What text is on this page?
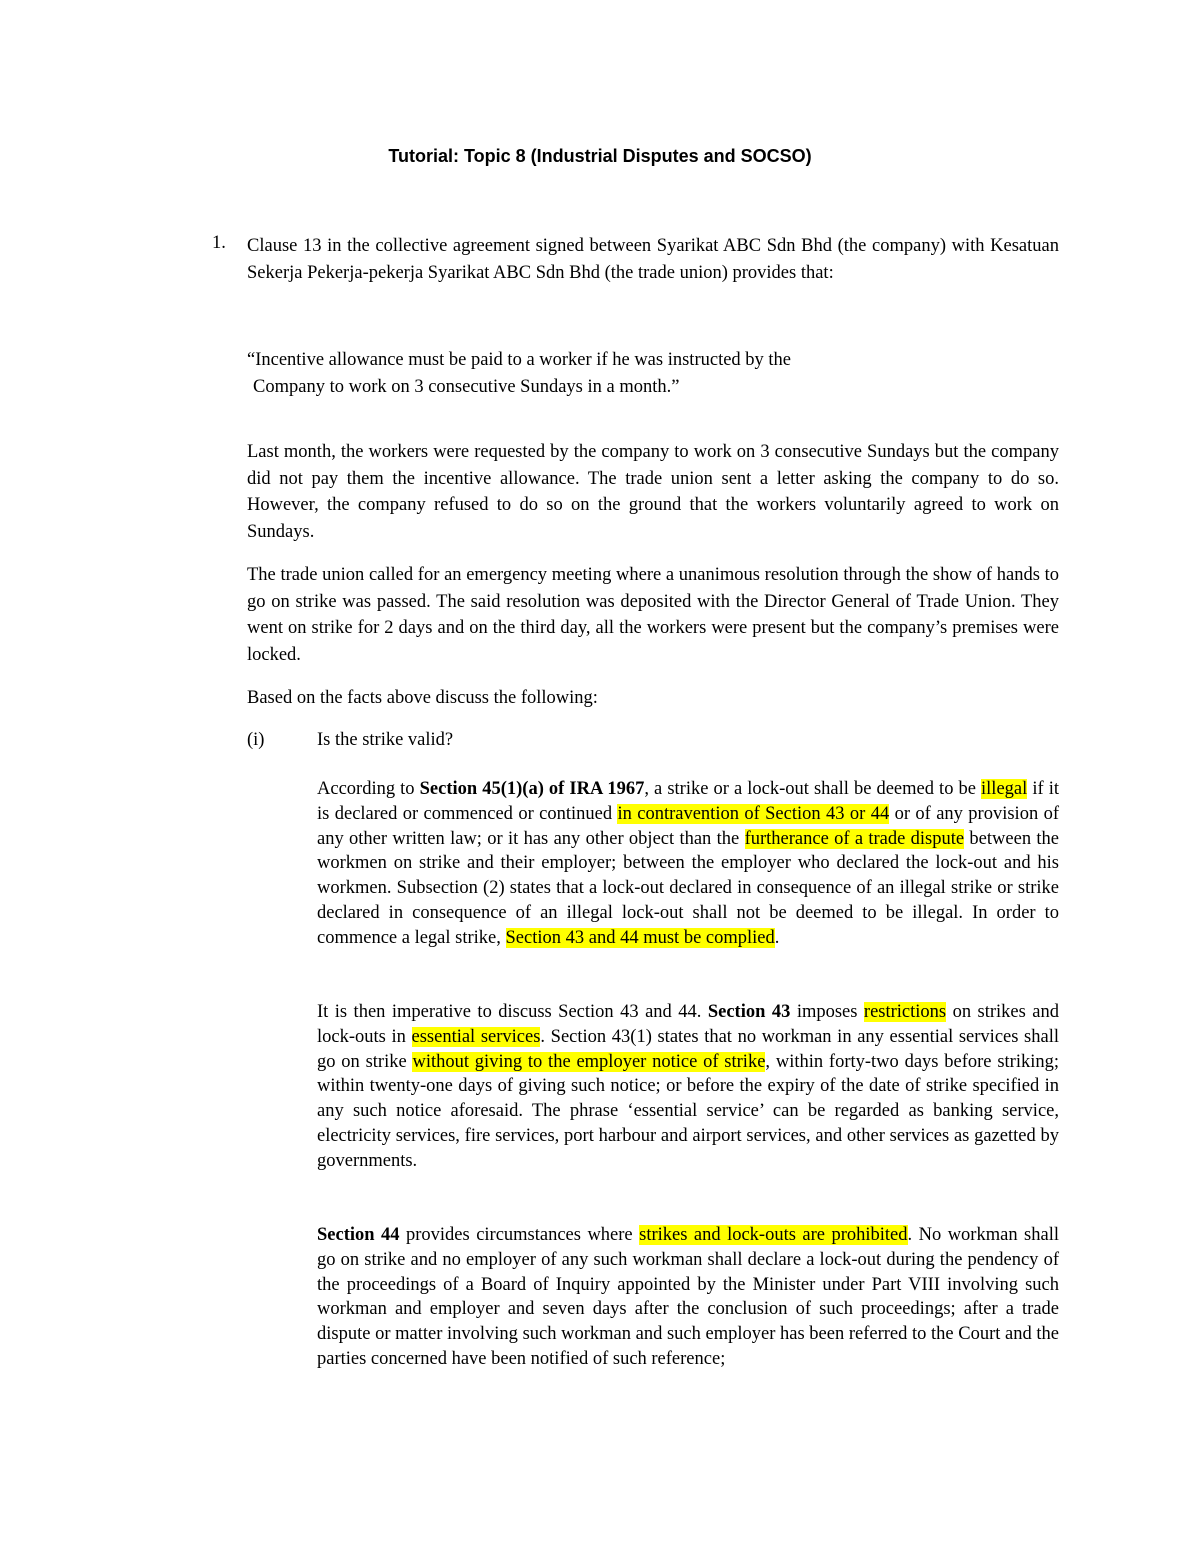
Tutorial: Topic 8 (Industrial Disputes and SOCSO)
1. Clause 13 in the collective agreement signed between Syarikat ABC Sdn Bhd (the company) with Kesatuan Sekerja Pekerja-pekerja Syarikat ABC Sdn Bhd (the trade union) provides that:

“Incentive allowance must be paid to a worker if he was instructed by the
Company to work on 3 consecutive Sundays in a month.”

Last month, the workers were requested by the company to work on 3 consecutive Sundays but the company did not pay them the incentive allowance. The trade union sent a letter asking the company to do so. However, the company refused to do so on the ground that the workers voluntarily agreed to work on Sundays.

The trade union called for an emergency meeting where a unanimous resolution through the show of hands to go on strike was passed. The said resolution was deposited with the Director General of Trade Union. They went on strike for 2 days and on the third day, all the workers were present but the company’s premises were locked.

Based on the facts above discuss the following:

(i)	Is the strike valid?

According to Section 45(1)(a) of IRA 1967, a strike or a lock-out shall be deemed to be illegal if it is declared or commenced or continued in contravention of Section 43 or 44 or of any provision of any other written law; or it has any other object than the furtherance of a trade dispute between the workmen on strike and their employer; between the employer who declared the lock-out and his workmen. Subsection (2) states that a lock-out declared in consequence of an illegal strike or strike declared in consequence of an illegal lock-out shall not be deemed to be illegal. In order to commence a legal strike, Section 43 and 44 must be complied.

It is then imperative to discuss Section 43 and 44. Section 43 imposes restrictions on strikes and lock-outs in essential services. Section 43(1) states that no workman in any essential services shall go on strike without giving to the employer notice of strike, within forty-two days before striking; within twenty-one days of giving such notice; or before the expiry of the date of strike specified in any such notice aforesaid. The phrase ‘essential service’ can be regarded as banking service, electricity services, fire services, port harbour and airport services, and other services as gazetted by governments.

Section 44 provides circumstances where strikes and lock-outs are prohibited. No workman shall go on strike and no employer of any such workman shall declare a lock-out during the pendency of the proceedings of a Board of Inquiry appointed by the Minister under Part VIII involving such workman and employer and seven days after the conclusion of such proceedings; after a trade dispute or matter involving such workman and such employer has been referred to the Court and the parties concerned have been notified of such reference;
